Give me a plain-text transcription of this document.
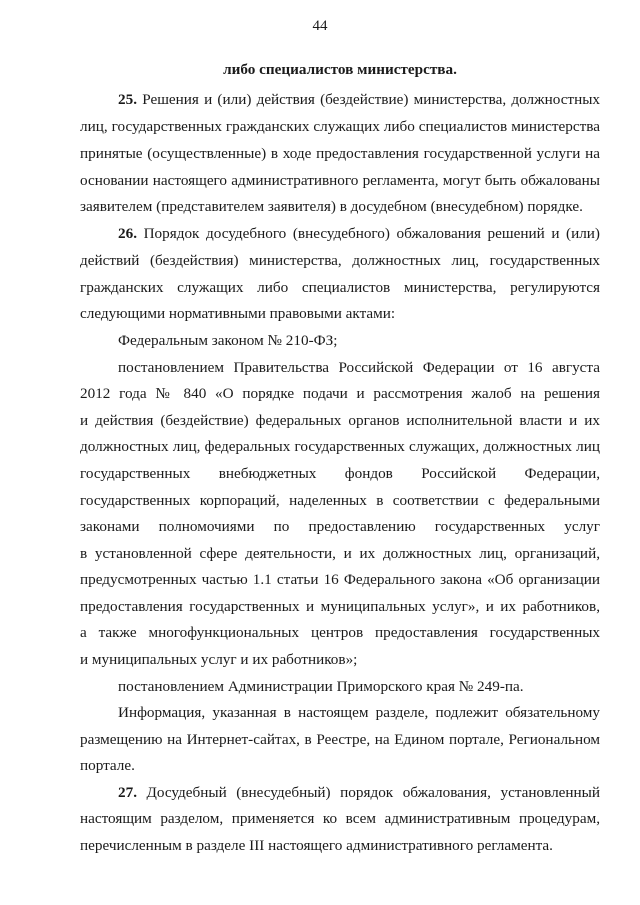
44
либо специалистов министерства.
25. Решения и (или) действия (бездействие) министерства, должностных
лиц, государственных гражданских служащих либо специалистов министерства
принятые (осуществленные) в ходе предоставления государственной услуги на
основании настоящего административного регламента, могут быть обжалованы
заявителем (представителем заявителя) в досудебном (внесудебном) порядке.
26. Порядок досудебного (внесудебного) обжалования решений и (или)
действий (бездействия) министерства, должностных лиц, государственных
гражданских служащих либо специалистов министерства, регулируются
следующими нормативными правовыми актами:
Федеральным законом № 210-ФЗ;
постановлением Правительства Российской Федерации от 16 августа
2012 года № 840 «О порядке подачи и рассмотрения жалоб на решения
и действия (бездействие) федеральных органов исполнительной власти и их
должностных лиц, федеральных государственных служащих, должностных лиц
государственных внебюджетных фондов Российской Федерации,
государственных корпораций, наделенных в соответствии с федеральными
законами полномочиями по предоставлению государственных услуг
в установленной сфере деятельности, и их должностных лиц, организаций,
предусмотренных частью 1.1 статьи 16 Федерального закона «Об организации
предоставления государственных и муниципальных услуг», и их работников,
а также многофункциональных центров предоставления государственных
и муниципальных услуг и их работников»;
постановлением Администрации Приморского края № 249-па.
Информация, указанная в настоящем разделе, подлежит обязательному
размещению на Интернет-сайтах, в Реестре, на Едином портале, Региональном
портале.
27. Досудебный (внесудебный) порядок обжалования, установленный
настоящим разделом, применяется ко всем административным процедурам,
перечисленным в разделе III настоящего административного регламента.
